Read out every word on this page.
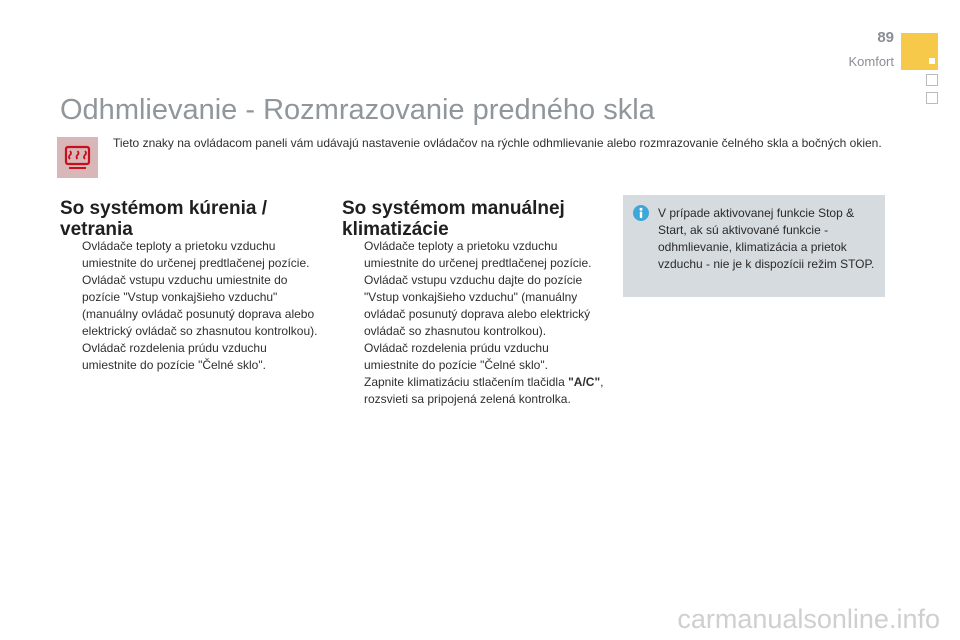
89
Komfort
Odhmlievanie - Rozmrazovanie predného skla
Tieto znaky na ovládacom paneli vám udávajú nastavenie ovládačov na rýchle odhmlievanie alebo rozmrazovanie čelného skla a bočných okien.
So systémom kúrenia / vetrania
Ovládače teploty a prietoku vzduchu umiestnite do určenej predtlačenej pozície.
Ovládač vstupu vzduchu umiestnite do pozície "Vstup vonkajšieho vzduchu" (manuálny ovládač posunutý doprava alebo elektrický ovládač so zhasnutou kontrolkou).
Ovládač rozdelenia prúdu vzduchu umiestnite do pozície "Čelné sklo".
So systémom manuálnej klimatizácie
Ovládače teploty a prietoku vzduchu umiestnite do určenej predtlačenej pozície.
Ovládač vstupu vzduchu dajte do pozície "Vstup vonkajšieho vzduchu" (manuálny ovládač posunutý doprava alebo elektrický ovládač so zhasnutou kontrolkou).
Ovládač rozdelenia prúdu vzduchu umiestnite do pozície "Čelné sklo".
Zapnite klimatizáciu stlačením tlačidla "A/C", rozsvieti sa pripojená zelená kontrolka.
V prípade aktivovanej funkcie Stop & Start, ak sú aktivované funkcie - odhmlievanie, klimatizácia a prietok vzduchu - nie je k dispozícii režim STOP.
carmanualsonline.info
